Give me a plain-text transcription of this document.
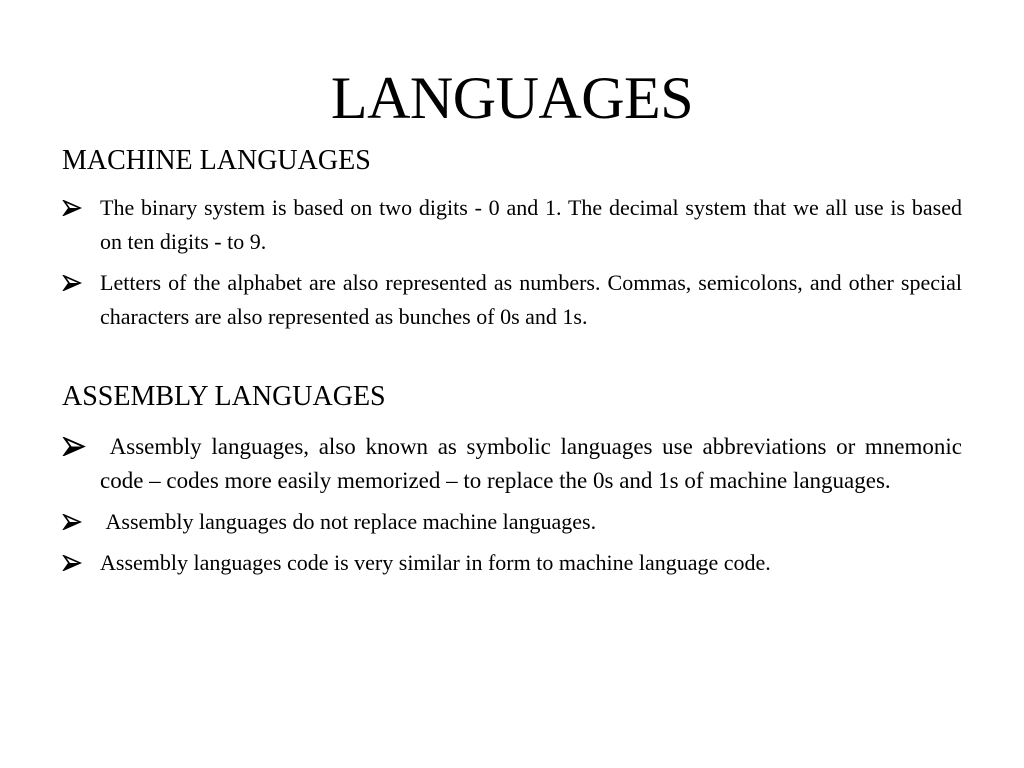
LANGUAGES
MACHINE LANGUAGES
The binary system is based on two digits - 0 and 1. The decimal system that we all use is based on ten digits - to 9.
Letters of the alphabet are also represented as numbers. Commas, semicolons, and other special characters are also represented as bunches of 0s and 1s.
ASSEMBLY LANGUAGES
Assembly languages, also known as symbolic languages use abbreviations or mnemonic code – codes more easily memorized – to replace the 0s and 1s of machine languages.
Assembly languages do not replace machine languages.
Assembly languages code is very similar in form to machine language code.
